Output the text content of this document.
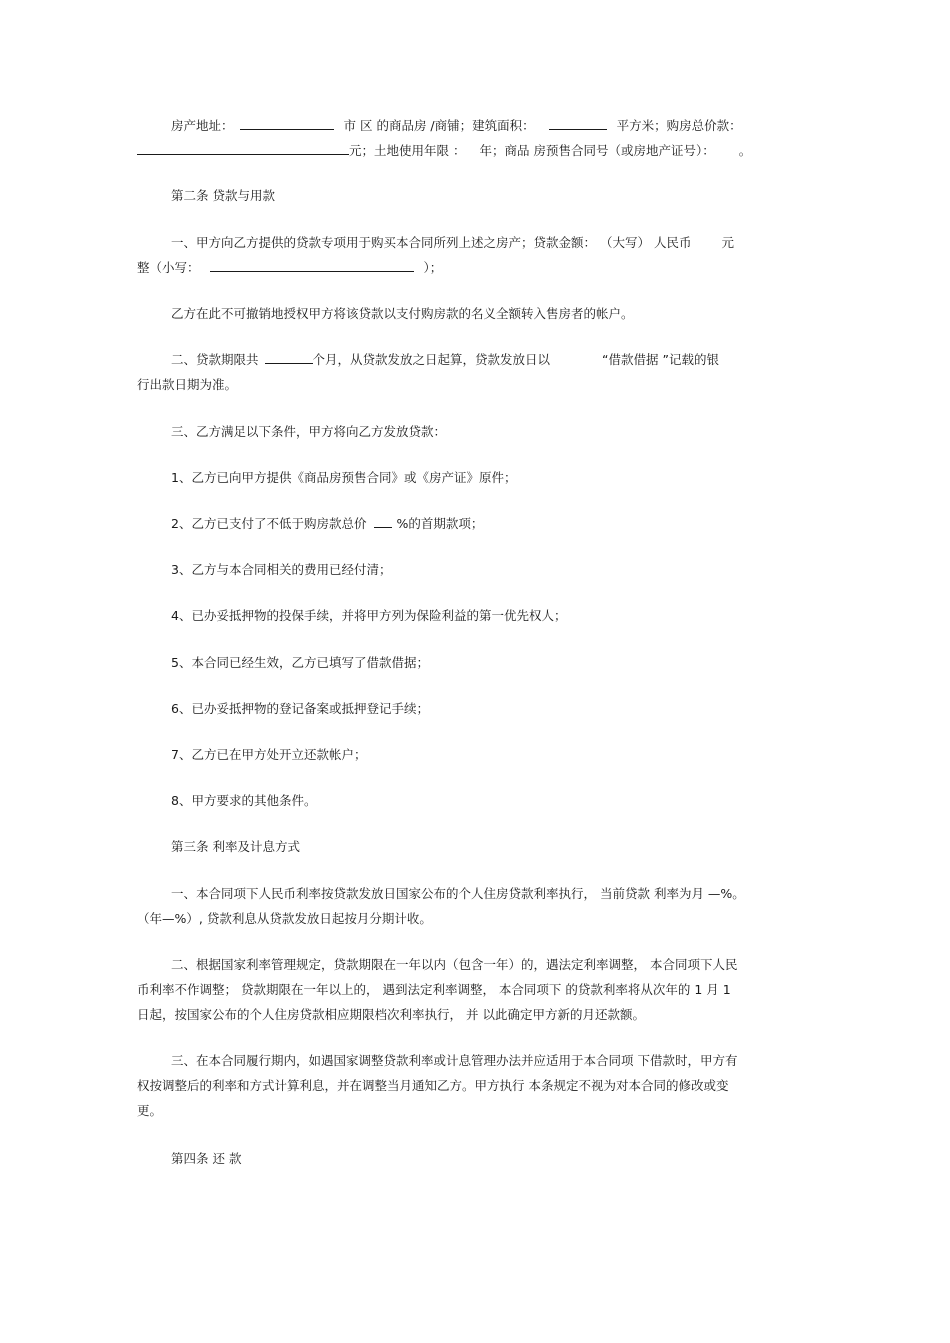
房产地址：	市 区 的商品房 /商铺；建筑面积：	平方米；购房总价款：
元；土地使用年限 ： 年；商品 房预售合同号（或房地产证号）： 。
第二条 贷款与用款
一、甲方向乙方提供的贷款专项用于购买本合同所列上述之房产；贷款金额： （大写） 人民币 元
整（小写：	）；
乙方在此不可撤销地授权甲方将该贷款以支付购房款的名义全额转入售房者的帐户。
二、贷款期限共	个月，从贷款发放之日起算，贷款发放日以	“借款借据 ”记载的银
行出款日期为准。
三、乙方满足以下条件，甲方将向乙方发放贷款：
1、乙方已向甲方提供《商品房预售合同》或《房产证》原件；
2、乙方已支付了不低于购房款总价 %的首期款项；
3、乙方与本合同相关的费用已经付清；
4、已办妥抵押物的投保手续，并将甲方列为保险利益的第一优先权人；
5、本合同已经生效，乙方已填写了借款借据；
6、已办妥抵押物的登记备案或抵押登记手续；
7、乙方已在甲方处开立还款帐户；
8、甲方要求的其他条件。
第三条 利率及计息方式
一、本合同项下人民币利率按贷款发放日国家公布的个人住房贷款利率执行， 当前贷款 利率为月 —%。
（年—%）, 贷款利息从贷款发放日起按月分期计收。
二、根据国家利率管理规定，贷款期限在一年以内（包含一年）的，遇法定利率调整， 本合同项下人民
币利率不作调整； 贷款期限在一年以上的， 遇到法定利率调整， 本合同项下 的贷款利率将从次年的 1 月 1
日起，按国家公布的个人住房贷款相应期限档次利率执行， 并 以此确定甲方新的月还款额。
三、在本合同履行期内，如遇国家调整贷款利率或计息管理办法并应适用于本合同项 下借款时，甲方有
权按调整后的利率和方式计算利息，并在调整当月通知乙方。甲方执行 本条规定不视为对本合同的修改或变
更。
第四条 还 款
